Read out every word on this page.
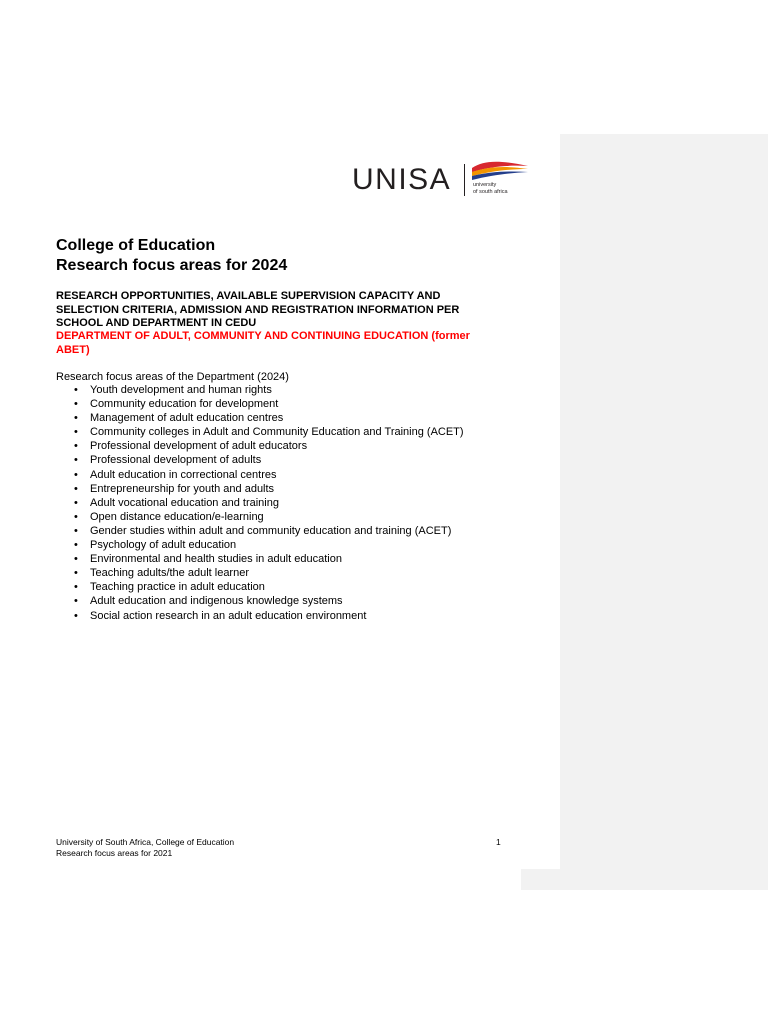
UNISA	university
of south africa
College of Education
Research focus areas for 2024
RESEARCH OPPORTUNITIES, AVAILABLE SUPERVISION CAPACITY AND SELECTION CRITERIA, ADMISSION AND REGISTRATION INFORMATION PER SCHOOL AND DEPARTMENT IN CEDU
DEPARTMENT OF ADULT, COMMUNITY AND CONTINUING EDUCATION (former ABET)
Research focus areas of the Department (2024)
• Youth development and human rights
• Community education for development
• Management of adult education centres
• Community colleges in Adult and Community Education and Training (ACET)
• Professional development of adult educators
• Professional development of adults
• Adult education in correctional centres
• Entrepreneurship for youth and adults
• Adult vocational education and training
• Open distance education/e-learning
• Gender studies within adult and community education and training (ACET)
• Psychology of adult education
• Environmental and health studies in adult education
• Teaching adults/the adult learner
• Teaching practice in adult education
• Adult education and indigenous knowledge systems
• Social action research in an adult education environment
University of South Africa, College of Education
Research focus areas for 2021
1
